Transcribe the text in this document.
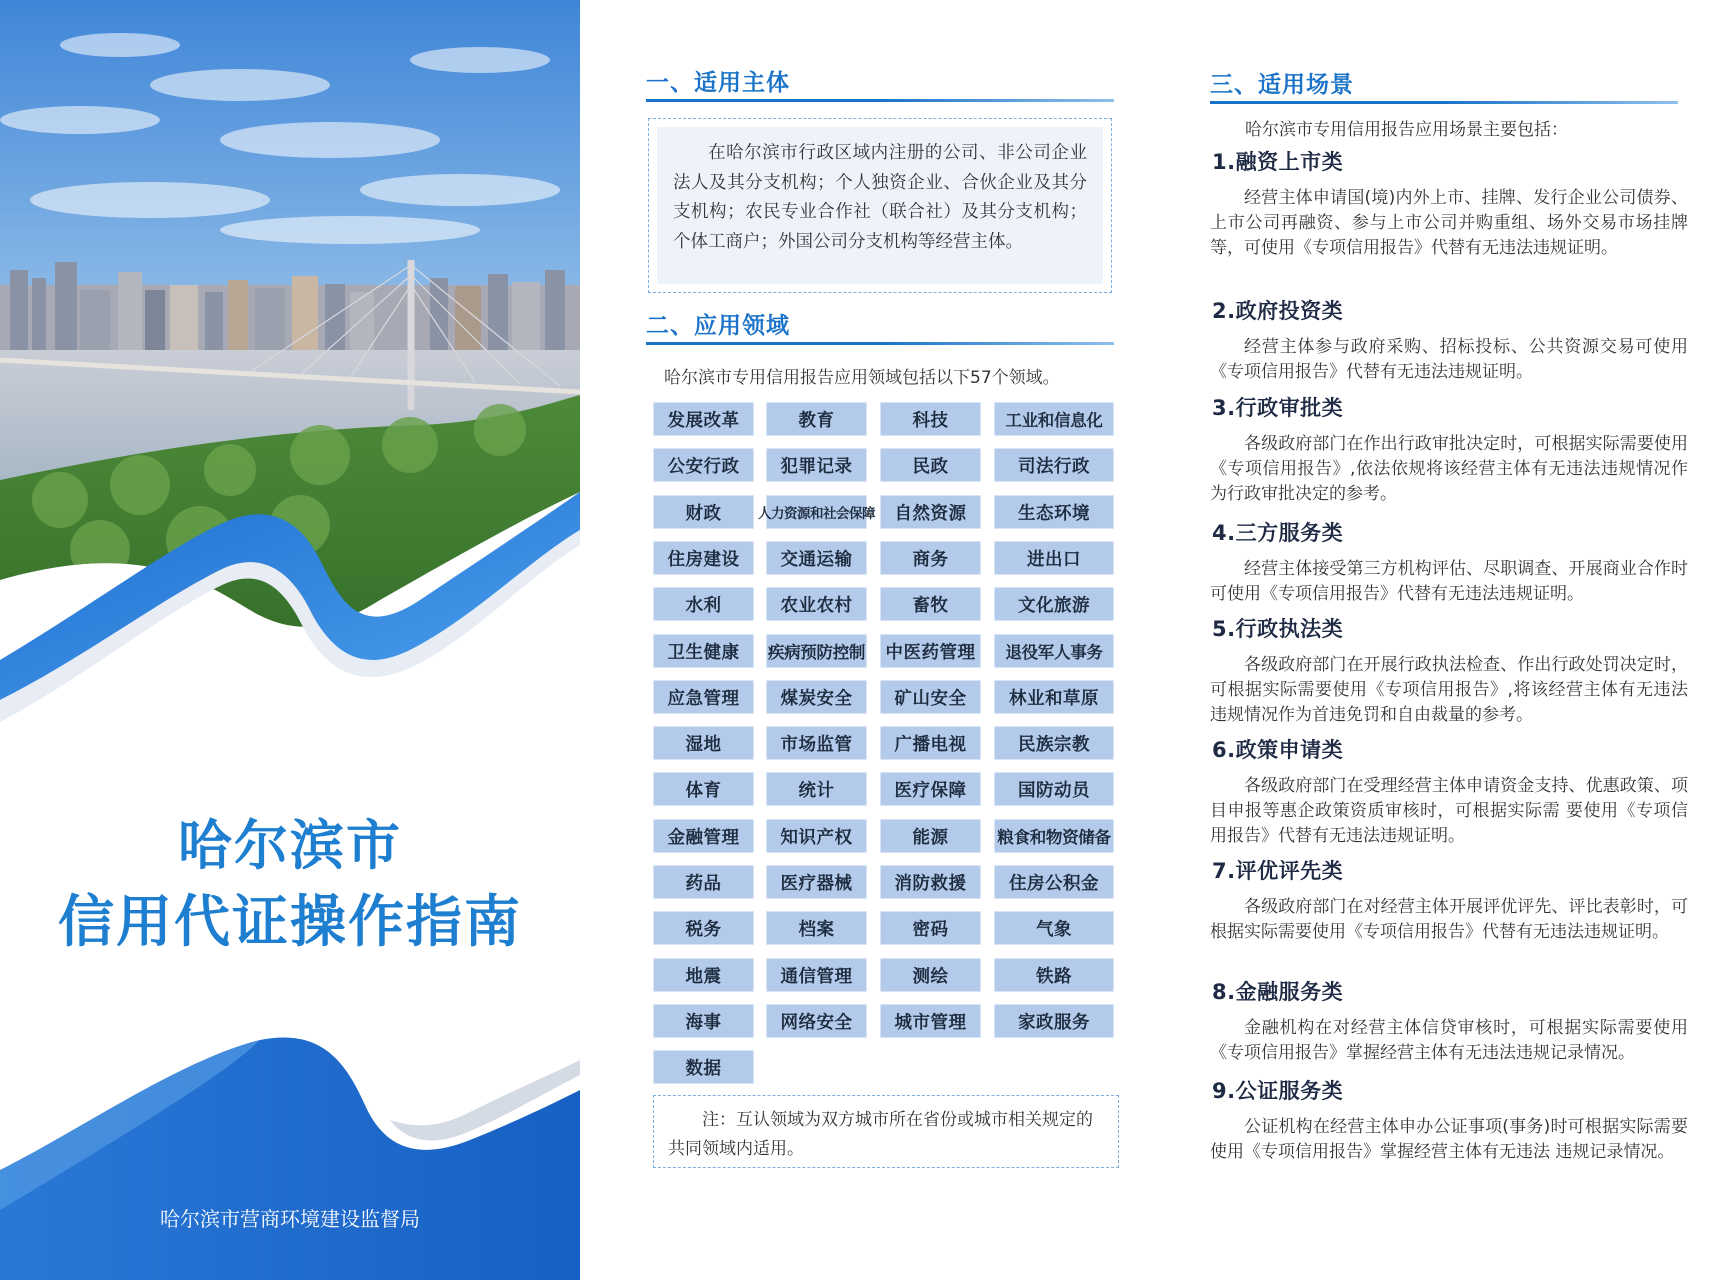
哈尔滨市
信用代证操作指南
哈尔滨市营商环境建设监督局
一、适用主体
在哈尔滨市行政区域内注册的公司、非公司企业法人及其分支机构；个人独资企业、合伙企业及其分支机构；农民专业合作社（联合社）及其分支机构；个体工商户；外国公司分支机构等经营主体。
二、应用领域
哈尔滨市专用信用报告应用领域包括以下57个领域。
发展改革	教育	科技	工业和信息化
公安行政	犯罪记录	民政	司法行政
财政	人力资源和社会保障	自然资源	生态环境
住房建设	交通运输	商务	进出口
水利	农业农村	畜牧	文化旅游
卫生健康	疾病预防控制	中医药管理	退役军人事务
应急管理	煤炭安全	矿山安全	林业和草原
湿地	市场监管	广播电视	民族宗教
体育	统计	医疗保障	国防动员
金融管理	知识产权	能源	粮食和物资储备
药品	医疗器械	消防救援	住房公积金
税务	档案	密码	气象
地震	通信管理	测绘	铁路
海事	网络安全	城市管理	家政服务
数据
注：互认领域为双方城市所在省份或城市相关规定的共同领域内适用。
三、适用场景
哈尔滨市专用信用报告应用场景主要包括：
1.融资上市类
经营主体申请国(境)内外上市、挂牌、发行企业公司债券、上市公司再融资、参与上市公司并购重组、场外交易市场挂牌等，可使用《专项信用报告》代替有无违法违规证明。
2.政府投资类
经营主体参与政府采购、招标投标、公共资源交易可使用《专项信用报告》代替有无违法违规证明。
3.行政审批类
各级政府部门在作出行政审批决定时，可根据实际需要使用《专项信用报告》,依法依规将该经营主体有无违法违规情况作为行政审批决定的参考。
4.三方服务类
经营主体接受第三方机构评估、尽职调查、开展商业合作时可使用《专项信用报告》代替有无违法违规证明。
5.行政执法类
各级政府部门在开展行政执法检查、作出行政处罚决定时，可根据实际需要使用《专项信用报告》,将该经营主体有无违法违规情况作为首违免罚和自由裁量的参考。
6.政策申请类
各级政府部门在受理经营主体申请资金支持、优惠政策、项目申报等惠企政策资质审核时，可根据实际需 要使用《专项信用报告》代替有无违法违规证明。
7.评优评先类
各级政府部门在对经营主体开展评优评先、评比表彰时，可根据实际需要使用《专项信用报告》代替有无违法违规证明。
8.金融服务类
金融机构在对经营主体信贷审核时，可根据实际需要使用《专项信用报告》掌握经营主体有无违法违规记录情况。
9.公证服务类
公证机构在经营主体申办公证事项(事务)时可根据实际需要使用《专项信用报告》掌握经营主体有无违法 违规记录情况。
